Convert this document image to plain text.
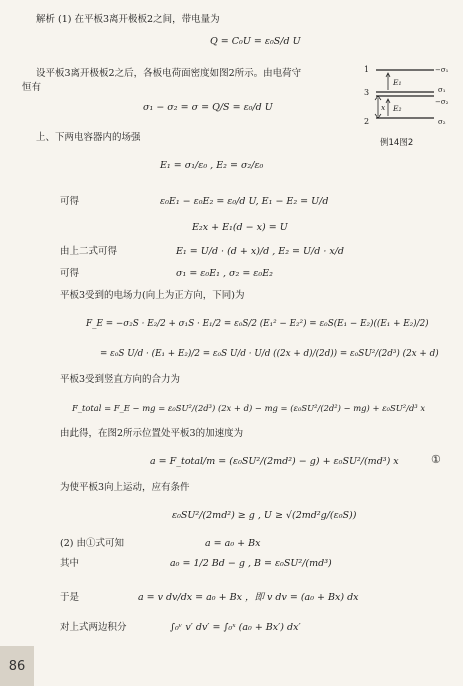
解析 (1) 在平板3离开极板2之间，带电量为
Q = C₀U = ε₀S/d U
设平板3离开极板2之后，各板电荷面密度如图2所示。由电荷守
恒有
σ₁ − σ₂ = σ = Q/S = ε₀/d U
上、下两电容器内的场强
E₁ = σ₁/ε₀ , E₂ = σ₂/ε₀
可得	ε₀E₁ − ε₀E₂ = ε₀/d U, E₁ − E₂ = U/d
E₂x + E₁(d − x) = U
由上二式可得	E₁ = U/d · (d + x)/d , E₂ = U/d · x/d
可得	σ₁ = ε₀E₁ , σ₂ = ε₀E₂
平板3受到的电场力(向上为正方向，下同)为
F_E = −σ₂S · E₂/2 + σ₁S · E₁/2 = ε₀S/2 (E₁² − E₂²) = ε₀S(E₁ − E₂)((E₁ + E₂)/2)
= ε₀S U/d · (E₁ + E₂)/2 = ε₀S U/d · U/d ((2x + d)/(2d)) = ε₀SU²/(2d³) (2x + d)
平板3受到竖直方向的合力为
F_total = F_E − mg = ε₀SU²/(2d³) (2x + d) − mg = (ε₀SU²/(2d²) − mg) + ε₀SU²/d³ x
由此得，在图2所示位置处平板3的加速度为
a = F_total/m = (ε₀SU²/(2md²) − g) + ε₀SU²/(md³) x	①
为使平板3向上运动，应有条件
ε₀SU²/(2md²) ≥ g , U ≥ √(2md²g/(ε₀S))
(2) 由①式可知	a = a₀ + Bx
其中	a₀ = 1/2 Bd − g , B = ε₀SU²/(md³)
于是	a = v dv/dx = a₀ + Bx ，即 v dv = (a₀ + Bx) dx
对上式两边积分	∫₀ᵛ v′ dv′ = ∫₀ˣ (a₀ + Bx′) dx′
1
3
2
−σ₁
σ₁
−σ₂
σ₂
E₁
E₂
x
例14图2
86
